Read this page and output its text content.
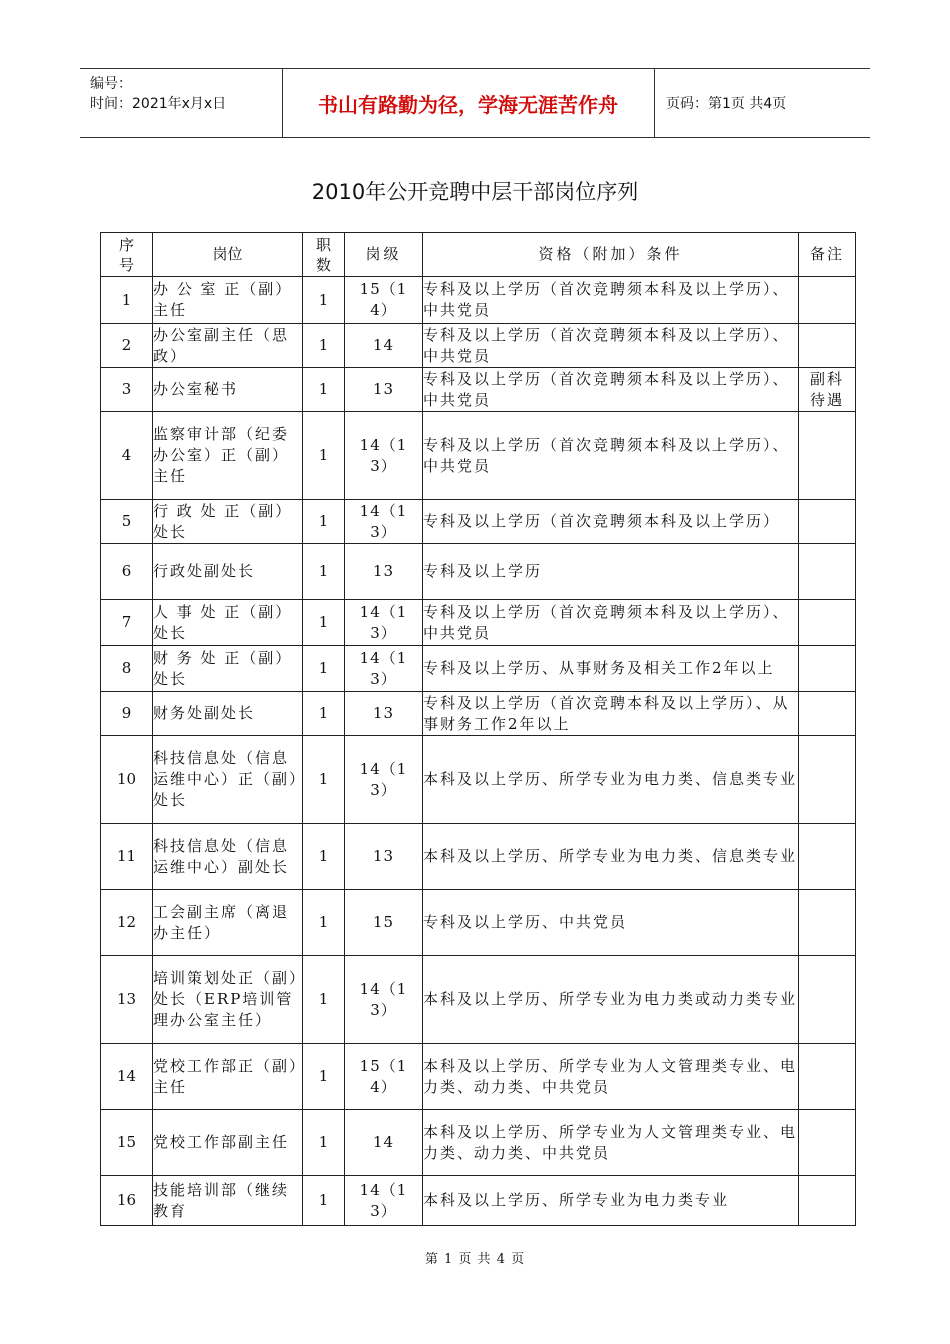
编号：
时间：2021年x月x日	书山有路勤为径，学海无涯苦作舟	页码：第1页 共4页
2010年公开竞聘中层干部岗位序列
序号	岗位	职数	岗级	资格（附加）条件	备注

1	办 公 室 正（副）主任	1	15（14）	专科及以上学历（首次竞聘须本科及以上学历）、中共党员	

2	办公室副主任（思政）	1	14	专科及以上学历（首次竞聘须本科及以上学历）、中共党员	

3	办公室秘书	1	13	专科及以上学历（首次竞聘须本科及以上学历）、中共党员	副科待遇

4	监察审计部（纪委办公室）正（副）主任	1	14（13）	专科及以上学历（首次竞聘须本科及以上学历）、中共党员	

5	行 政 处 正（副）处长	1	14（13）	专科及以上学历（首次竞聘须本科及以上学历）	

6	行政处副处长	1	13	专科及以上学历	

7	人 事 处 正（副）处长	1	14（13）	专科及以上学历（首次竞聘须本科及以上学历）、中共党员	

8	财 务 处 正（副）处长	1	14（13）	专科及以上学历、从事财务及相关工作2年以上	

9	财务处副处长	1	13	专科及以上学历（首次竞聘本科及以上学历）、从事财务工作2年以上	

10	科技信息处（信息运维中心）正（副）处长	1	14（13）	本科及以上学历、所学专业为电力类、信息类专业	

11	科技信息处（信息运维中心）副处长	1	13	本科及以上学历、所学专业为电力类、信息类专业	

12	工会副主席（离退办主任）	1	15	专科及以上学历、中共党员	

13	培训策划处正（副）处长（ERP培训管理办公室主任）	1	14（13）	本科及以上学历、所学专业为电力类或动力类专业	

14	党校工作部正（副）主任	1	15（14）	本科及以上学历、所学专业为人文管理类专业、电力类、动力类、中共党员	

15	党校工作部副主任	1	14	本科及以上学历、所学专业为人文管理类专业、电力类、动力类、中共党员	

16	技能培训部（继续教育	1	14（13）	本科及以上学历、所学专业为电力类专业	

第 1 页 共 4 页
